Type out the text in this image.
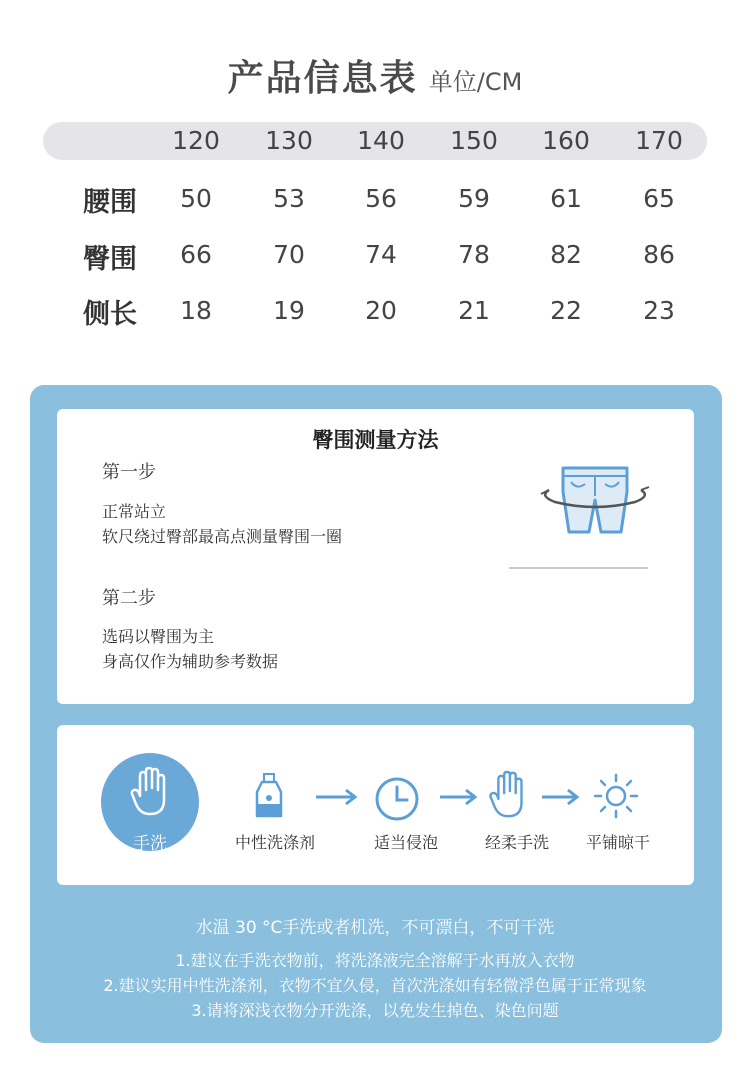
产品信息表 单位/CM
120	130	140	150	160	170
腰围	50	53	56	59	61	65
臀围	66	70	74	78	82	86
侧长	18	19	20	21	22	23
臀围测量方法
第一步
正常站立
软尺绕过臀部最高点测量臀围一圈
第二步
选码以臀围为主
身高仅作为辅助参考数据
手洗	中性洗涤剂	适当侵泡	经柔手洗	平铺晾干
水温 30 °C手洗或者机洗，不可漂白，不可干洗
1.建议在手洗衣物前，将洗涤液完全溶解于水再放入衣物
2.建议实用中性洗涤剂，衣物不宜久侵，首次洗涤如有轻微浮色属于正常现象
3.请将深浅衣物分开洗涤，以免发生掉色、染色问题
